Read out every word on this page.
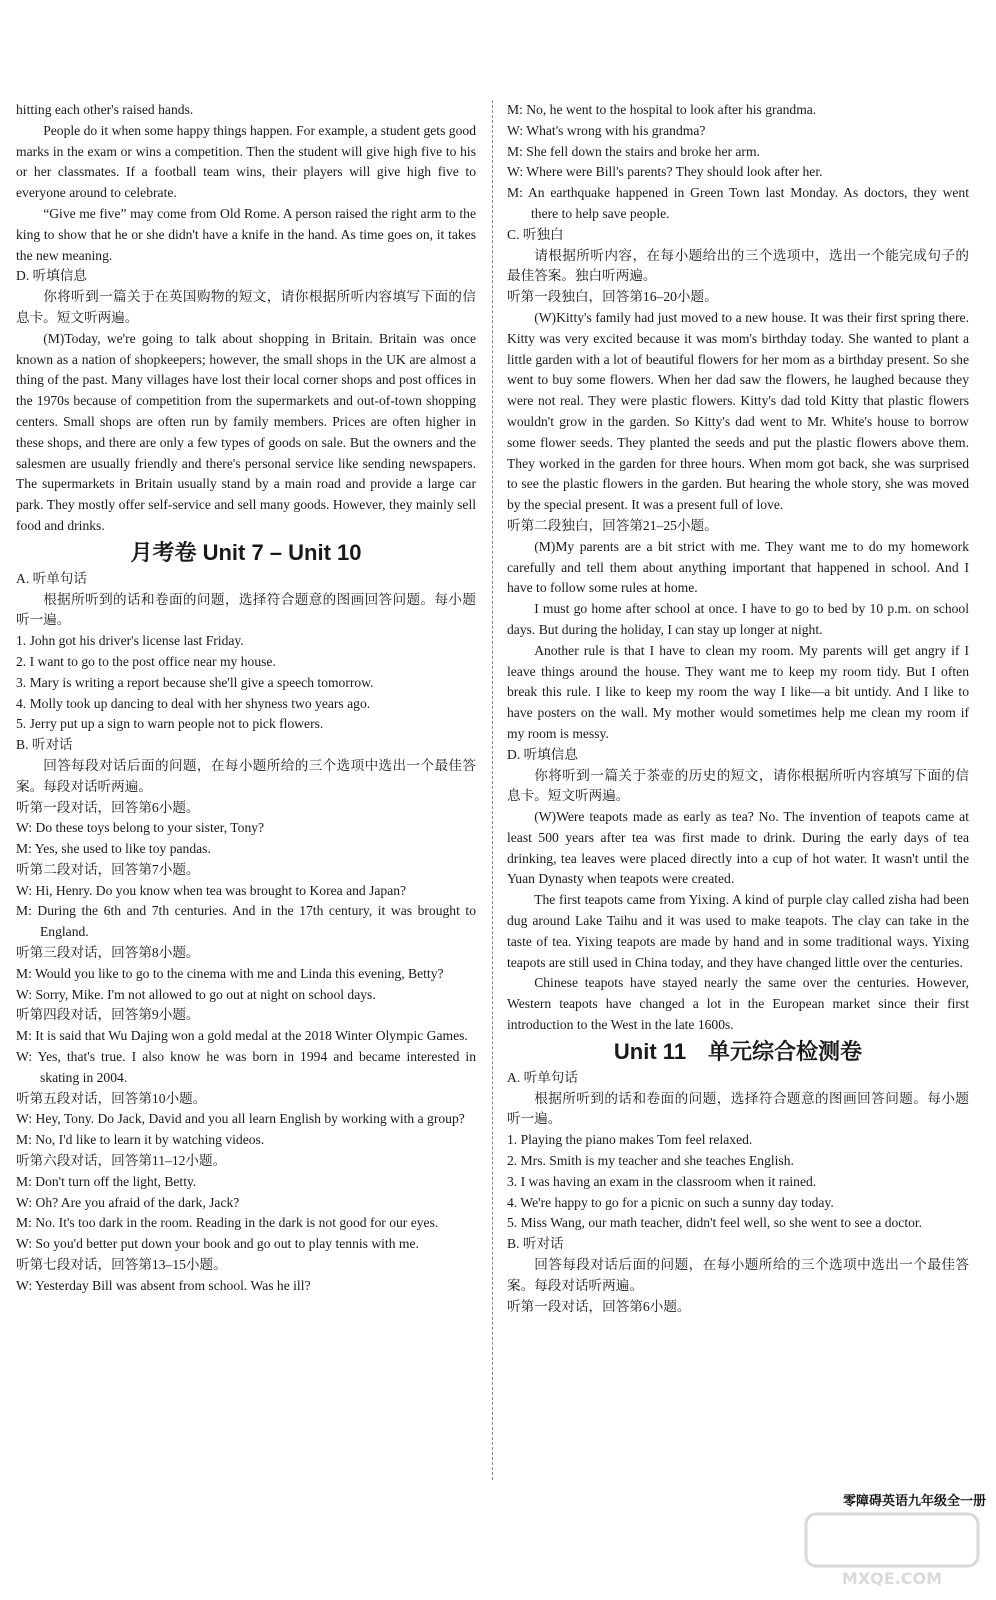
hitting each other's raised hands.
People do it when some happy things happen. For example, a student gets good marks in the exam or wins a competition. Then the student will give high five to his or her classmates. If a football team wins, their players will give high five to everyone around to celebrate.
“Give me five” may come from Old Rome. A person raised the right arm to the king to show that he or she didn't have a knife in the hand. As time goes on, it takes the new meaning.
D. 听填信息
你将听到一篇关于在英国购物的短文，请你根据所听内容填写下面的信息卡。短文听两遍。
(M)Today, we're going to talk about shopping in Britain. Britain was once known as a nation of shopkeepers; however, the small shops in the UK are almost a thing of the past. Many villages have lost their local corner shops and post offices in the 1970s because of competition from the supermarkets and out-of-town shopping centers. Small shops are often run by family members. Prices are often higher in these shops, and there are only a few types of goods on sale. But the owners and the salesmen are usually friendly and there's personal service like sending newspapers. The supermarkets in Britain usually stand by a main road and provide a large car park. They mostly offer self-service and sell many goods. However, they mainly sell food and drinks.
月考卷 Unit 7 – Unit 10
A. 听单句话
根据所听到的话和卷面的问题，选择符合题意的图画回答问题。每小题听一遍。
1. John got his driver's license last Friday.
2. I want to go to the post office near my house.
3. Mary is writing a report because she'll give a speech tomorrow.
4. Molly took up dancing to deal with her shyness two years ago.
5. Jerry put up a sign to warn people not to pick flowers.
B. 听对话
回答每段对话后面的问题，在每小题所给的三个选项中选出一个最佳答案。每段对话听两遍。
听第一段对话，回答第6小题。
W: Do these toys belong to your sister, Tony?
M: Yes, she used to like toy pandas.
听第二段对话，回答第7小题。
W: Hi, Henry. Do you know when tea was brought to Korea and Japan?
M: During the 6th and 7th centuries. And in the 17th century, it was brought to England.
听第三段对话，回答第8小题。
M: Would you like to go to the cinema with me and Linda this evening, Betty?
W: Sorry, Mike. I'm not allowed to go out at night on school days.
听第四段对话，回答第9小题。
M: It is said that Wu Dajing won a gold medal at the 2018 Winter Olympic Games.
W: Yes, that's true. I also know he was born in 1994 and became interested in skating in 2004.
听第五段对话，回答第10小题。
W: Hey, Tony. Do Jack, David and you all learn English by working with a group?
M: No, I'd like to learn it by watching videos.
听第六段对话，回答第11–12小题。
M: Don't turn off the light, Betty.
W: Oh? Are you afraid of the dark, Jack?
M: No. It's too dark in the room. Reading in the dark is not good for our eyes.
W: So you'd better put down your book and go out to play tennis with me.
听第七段对话，回答第13–15小题。
W: Yesterday Bill was absent from school. Was he ill?
M: No, he went to the hospital to look after his grandma.
W: What's wrong with his grandma?
M: She fell down the stairs and broke her arm.
W: Where were Bill's parents? They should look after her.
M: An earthquake happened in Green Town last Monday. As doctors, they went there to help save people.
C. 听独白
请根据所听内容，在每小题给出的三个选项中，选出一个能完成句子的最佳答案。独白听两遍。
听第一段独白，回答第16–20小题。
(W)Kitty's family had just moved to a new house. It was their first spring there. Kitty was very excited because it was mom's birthday today. She wanted to plant a little garden with a lot of beautiful flowers for her mom as a birthday present. So she went to buy some flowers. When her dad saw the flowers, he laughed because they were not real. They were plastic flowers. Kitty's dad told Kitty that plastic flowers wouldn't grow in the garden. So Kitty's dad went to Mr. White's house to borrow some flower seeds. They planted the seeds and put the plastic flowers above them. They worked in the garden for three hours. When mom got back, she was surprised to see the plastic flowers in the garden. But hearing the whole story, she was moved by the special present. It was a present full of love.
听第二段独白，回答第21–25小题。
(M)My parents are a bit strict with me. They want me to do my homework carefully and tell them about anything important that happened in school. And I have to follow some rules at home.
I must go home after school at once. I have to go to bed by 10 p.m. on school days. But during the holiday, I can stay up longer at night.
Another rule is that I have to clean my room. My parents will get angry if I leave things around the house. They want me to keep my room tidy. But I often break this rule. I like to keep my room the way I like—a bit untidy. And I like to have posters on the wall. My mother would sometimes help me clean my room if my room is messy.
D. 听填信息
你将听到一篇关于茶壶的历史的短文，请你根据所听内容填写下面的信息卡。短文听两遍。
(W)Were teapots made as early as tea? No. The invention of teapots came at least 500 years after tea was first made to drink. During the early days of tea drinking, tea leaves were placed directly into a cup of hot water. It wasn't until the Yuan Dynasty when teapots were created.
The first teapots came from Yixing. A kind of purple clay called zisha had been dug around Lake Taihu and it was used to make teapots. The clay can take in the taste of tea. Yixing teapots are made by hand and in some traditional ways. Yixing teapots are still used in China today, and they have changed little over the centuries.
Chinese teapots have stayed nearly the same over the centuries. However, Western teapots have changed a lot in the European market since their first introduction to the West in the late 1600s.
Unit 11　单元综合检测卷
A. 听单句话
根据所听到的话和卷面的问题，选择符合题意的图画回答问题。每小题听一遍。
1. Playing the piano makes Tom feel relaxed.
2. Mrs. Smith is my teacher and she teaches English.
3. I was having an exam in the classroom when it rained.
4. We're happy to go for a picnic on such a sunny day today.
5. Miss Wang, our math teacher, didn't feel well, so she went to see a doctor.
B. 听对话
回答每段对话后面的问题，在每小题所给的三个选项中选出一个最佳答案。每段对话听两遍。
听第一段对话，回答第6小题。
零障碍英语九年级全一册
MXQE.COM
